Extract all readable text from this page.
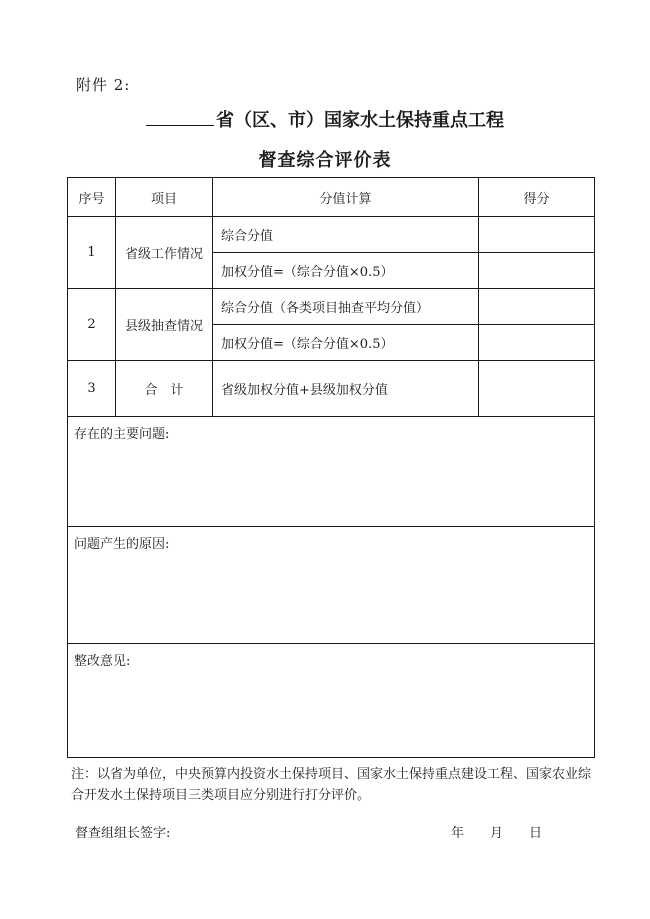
附件 2:
省（区、市）国家水土保持重点工程
督查综合评价表
序号	项目	分值计算	得分
1	省级工作情况	综合分值	
		加权分值=（综合分值×0.5）	
2	县级抽查情况	综合分值（各类项目抽查平均分值）	
		加权分值=（综合分值×0.5）	
3	合　计	省级加权分值+县级加权分值	
存在的主要问题:			
问题产生的原因:			
整改意见:			
注：以省为单位，中央预算内投资水土保持项目、国家水土保持重点建设工程、国家农业综合开发水土保持项目三类项目应分别进行打分评价。
督查组组长签字:	年　　月　　日
